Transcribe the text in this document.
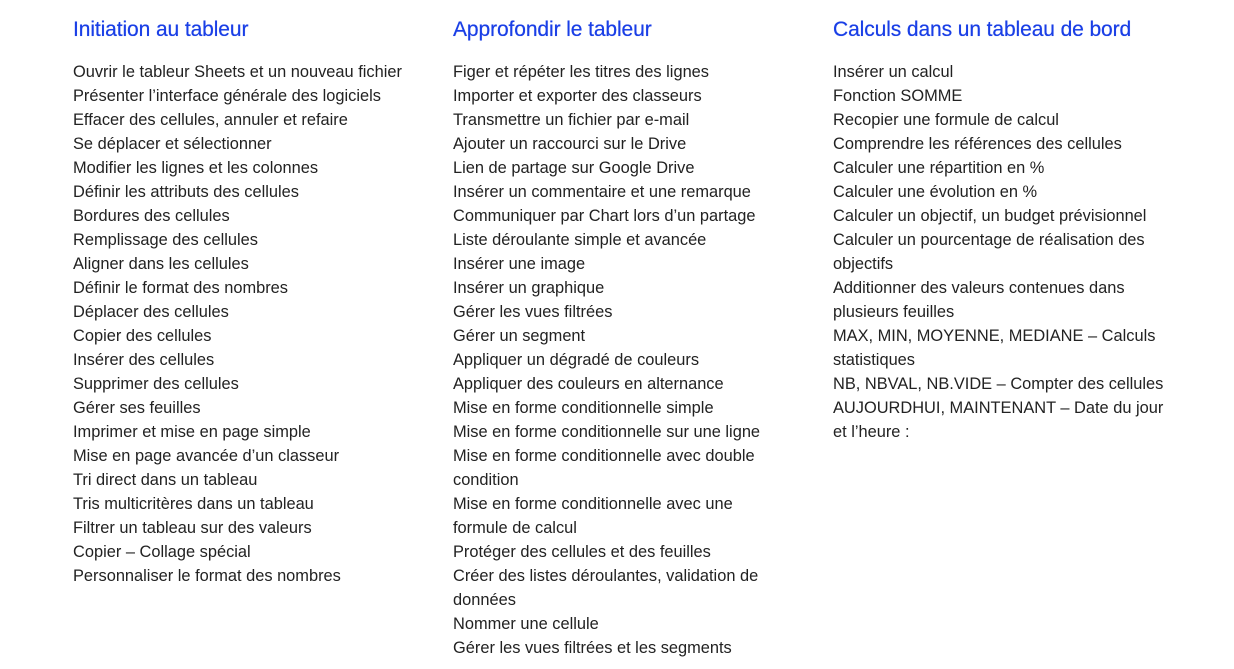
Initiation au tableur
Ouvrir le tableur Sheets et un nouveau fichier
Présenter l’interface générale des logiciels
Effacer des cellules, annuler et refaire
Se déplacer et sélectionner
Modifier les lignes et les colonnes
Définir les attributs des cellules
Bordures des cellules
Remplissage des cellules
Aligner dans les cellules
Définir le format des nombres
Déplacer des cellules
Copier des cellules
Insérer des cellules
Supprimer des cellules
Gérer ses feuilles
Imprimer et mise en page simple
Mise en page avancée d’un classeur
Tri direct dans un tableau
Tris multicritères dans un tableau
Filtrer un tableau sur des valeurs
Copier – Collage spécial
Personnaliser le format des nombres
Approfondir le tableur
Figer et répéter les titres des lignes
Importer et exporter des classeurs
Transmettre un fichier par e-mail
Ajouter un raccourci sur le Drive
Lien de partage sur Google Drive
Insérer un commentaire et une remarque
Communiquer par Chart lors d’un partage
Liste déroulante simple et avancée
Insérer une image
Insérer un graphique
Gérer les vues filtrées
Gérer un segment
Appliquer un dégradé de couleurs
Appliquer des couleurs en alternance
Mise en forme conditionnelle simple
Mise en forme conditionnelle sur une ligne
Mise en forme conditionnelle avec double condition
Mise en forme conditionnelle avec une formule de calcul
Protéger des cellules et des feuilles
Créer des listes déroulantes, validation de données
Nommer une cellule
Gérer les vues filtrées et les segments
Calculs dans un tableau de bord
Insérer un calcul
Fonction SOMME
Recopier une formule de calcul
Comprendre les références des cellules
Calculer une répartition en %
Calculer une évolution en %
Calculer un objectif, un budget prévisionnel
Calculer un pourcentage de réalisation des objectifs
Additionner des valeurs contenues dans plusieurs feuilles
MAX, MIN, MOYENNE, MEDIANE – Calculs statistiques
NB, NBVAL, NB.VIDE – Compter des cellules
AUJOURDHUI, MAINTENANT – Date du jour et l’heure :
